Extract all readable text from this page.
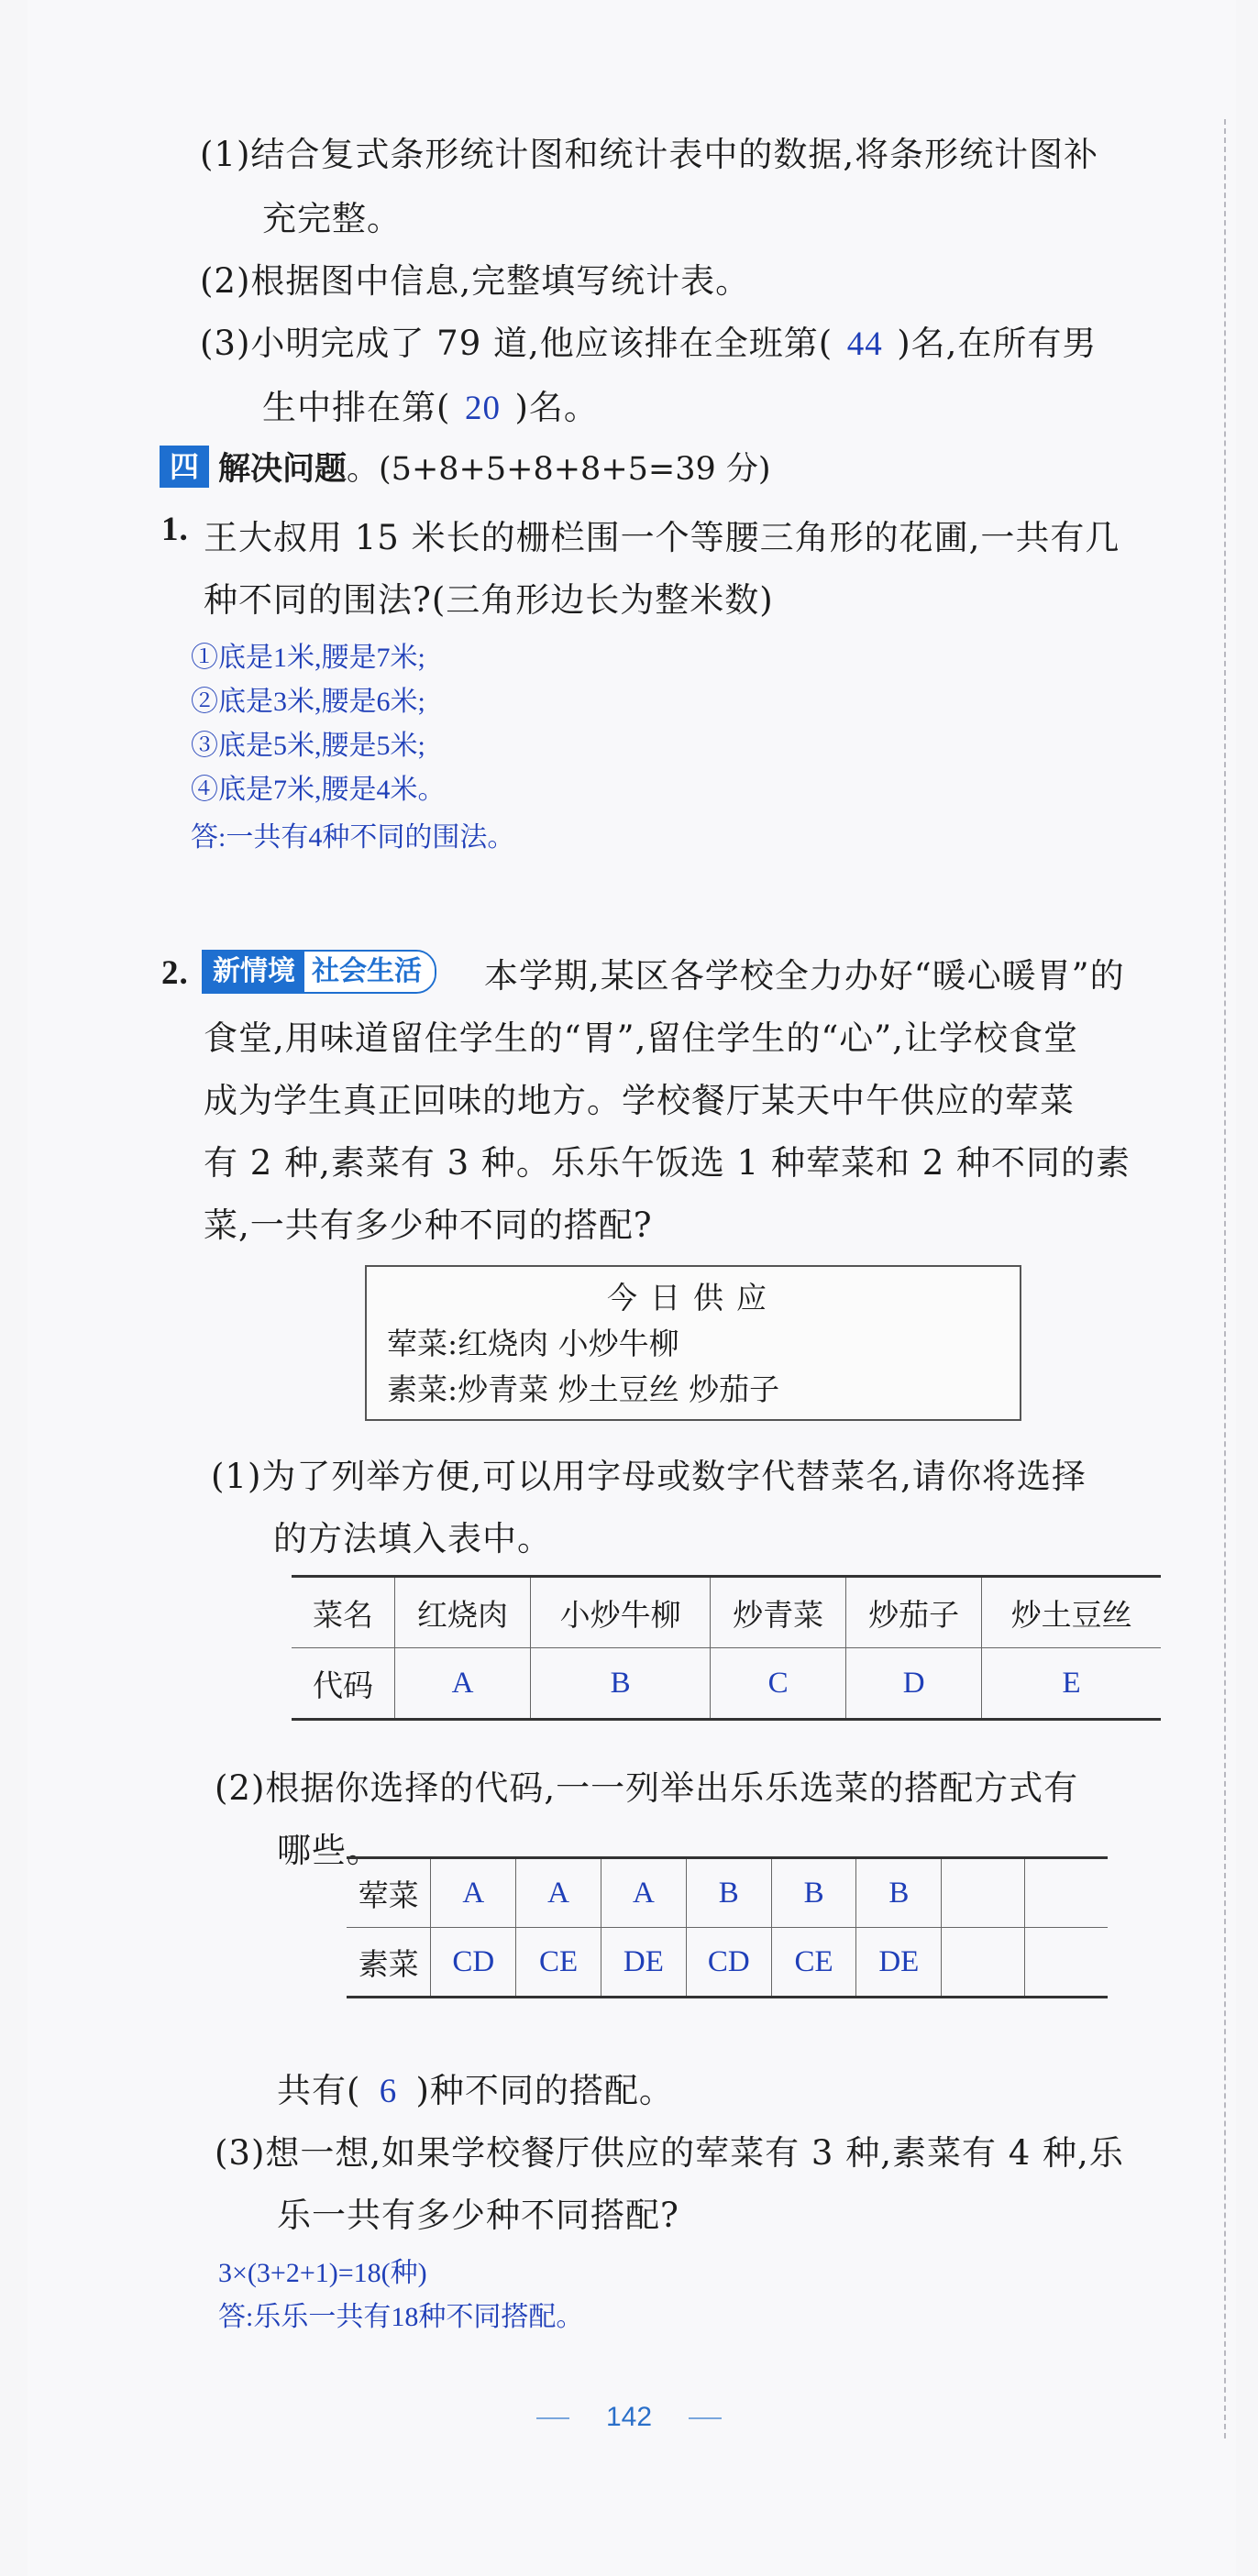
(1)结合复式条形统计图和统计表中的数据,将条形统计图补
充完整。
(2)根据图中信息,完整填写统计表。
(3)小明完成了 79 道,他应该排在全班第( 44 )名,在所有男
生中排在第( 20 )名。
四 解决问题。(5+8+5+8+8+5=39 分)
1. 王大叔用 15 米长的栅栏围一个等腰三角形的花圃,一共有几
种不同的围法?(三角形边长为整米数)
①底是1米,腰是7米;
②底是3米,腰是6米;
③底是5米,腰是5米;
④底是7米,腰是4米。
答:一共有4种不同的围法。
2. 新情境 社会生活	本学期,某区各学校全力办好“暖心暖胃”的
食堂,用味道留住学生的“胃”,留住学生的“心”,让学校食堂
成为学生真正回味的地方。学校餐厅某天中午供应的荤菜
有 2 种,素菜有 3 种。乐乐午饭选 1 种荤菜和 2 种不同的素
菜,一共有多少种不同的搭配?
今日供应
荤菜:红烧肉 小炒牛柳
素菜:炒青菜 炒土豆丝 炒茄子
(1)为了列举方便,可以用字母或数字代替菜名,请你将选择
的方法填入表中。
菜名	红烧肉	小炒牛柳	炒青菜	炒茄子	炒土豆丝
代码	A	B	C	D	E
(2)根据你选择的代码,一一列举出乐乐选菜的搭配方式有
哪些。
荤菜	A	A	A	B	B	B		
素菜	CD	CE	DE	CD	CE	DE		
共有( 6 )种不同的搭配。
(3)想一想,如果学校餐厅供应的荤菜有 3 种,素菜有 4 种,乐
乐一共有多少种不同搭配?
3×(3+2+1)=18(种)
答:乐乐一共有18种不同搭配。
142
